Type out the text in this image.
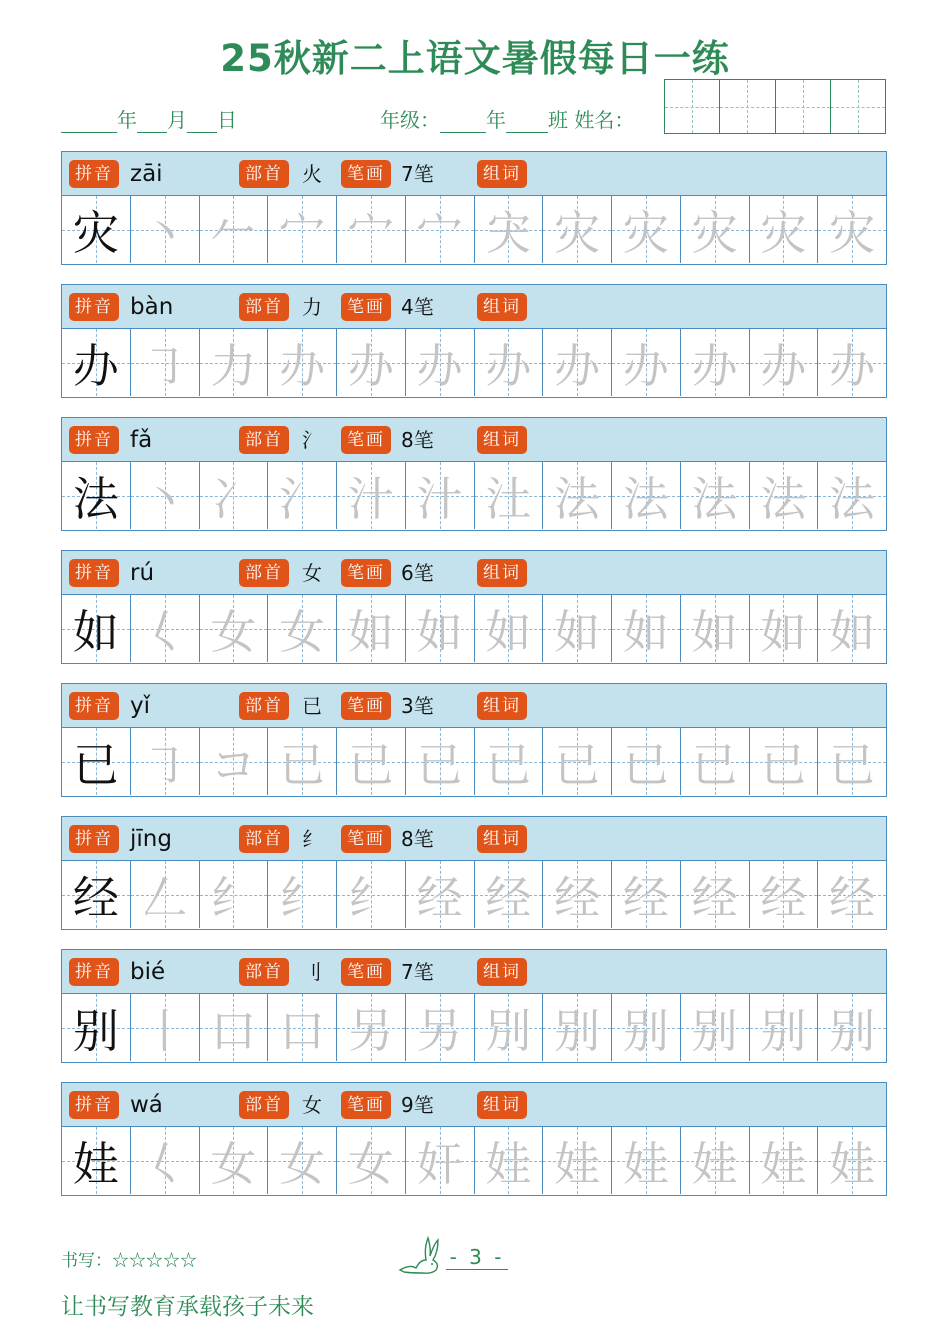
25秋新二上语文暑假每日一练
年 月 日	年级： 年 班 姓名：
拼音 zāi	部首 火	笔画 7笔	组词
灾 丶 𠂉 宀 宀 宀 宊 灾 灾 灾 灾 灾
拼音 bàn	部首 力	笔画 4笔	组词
办 ㇆ 力 办 办 办 办 办 办 办 办 办
拼音 fǎ	部首 氵	笔画 8笔	组词
法 丶 冫 氵 汁 汁 汢 法 法 法 法 法
拼音 rú	部首 女	笔画 6笔	组词
如 𡿨 女 女 如 如 如 如 如 如 如 如
拼音 yǐ	部首 已	笔画 3笔	组词
已 ㇆ コ 已 已 已 已 已 已 已 已 已
拼音 jīng	部首 纟	笔画 8笔	组词
经 𠃋 纟 纟 纟 经 经 经 经 经 经 经
拼音 bié	部首 刂	笔画 7笔	组词
别 丨 口 口 另 另 別 别 别 别 别 别
拼音 wá	部首 女	笔画 9笔	组词
娃 𡿨 女 女 女 奸 娃 娃 娃 娃 娃 娃
书写：☆☆☆☆☆	- 3 -
让书写教育承载孩子未来
